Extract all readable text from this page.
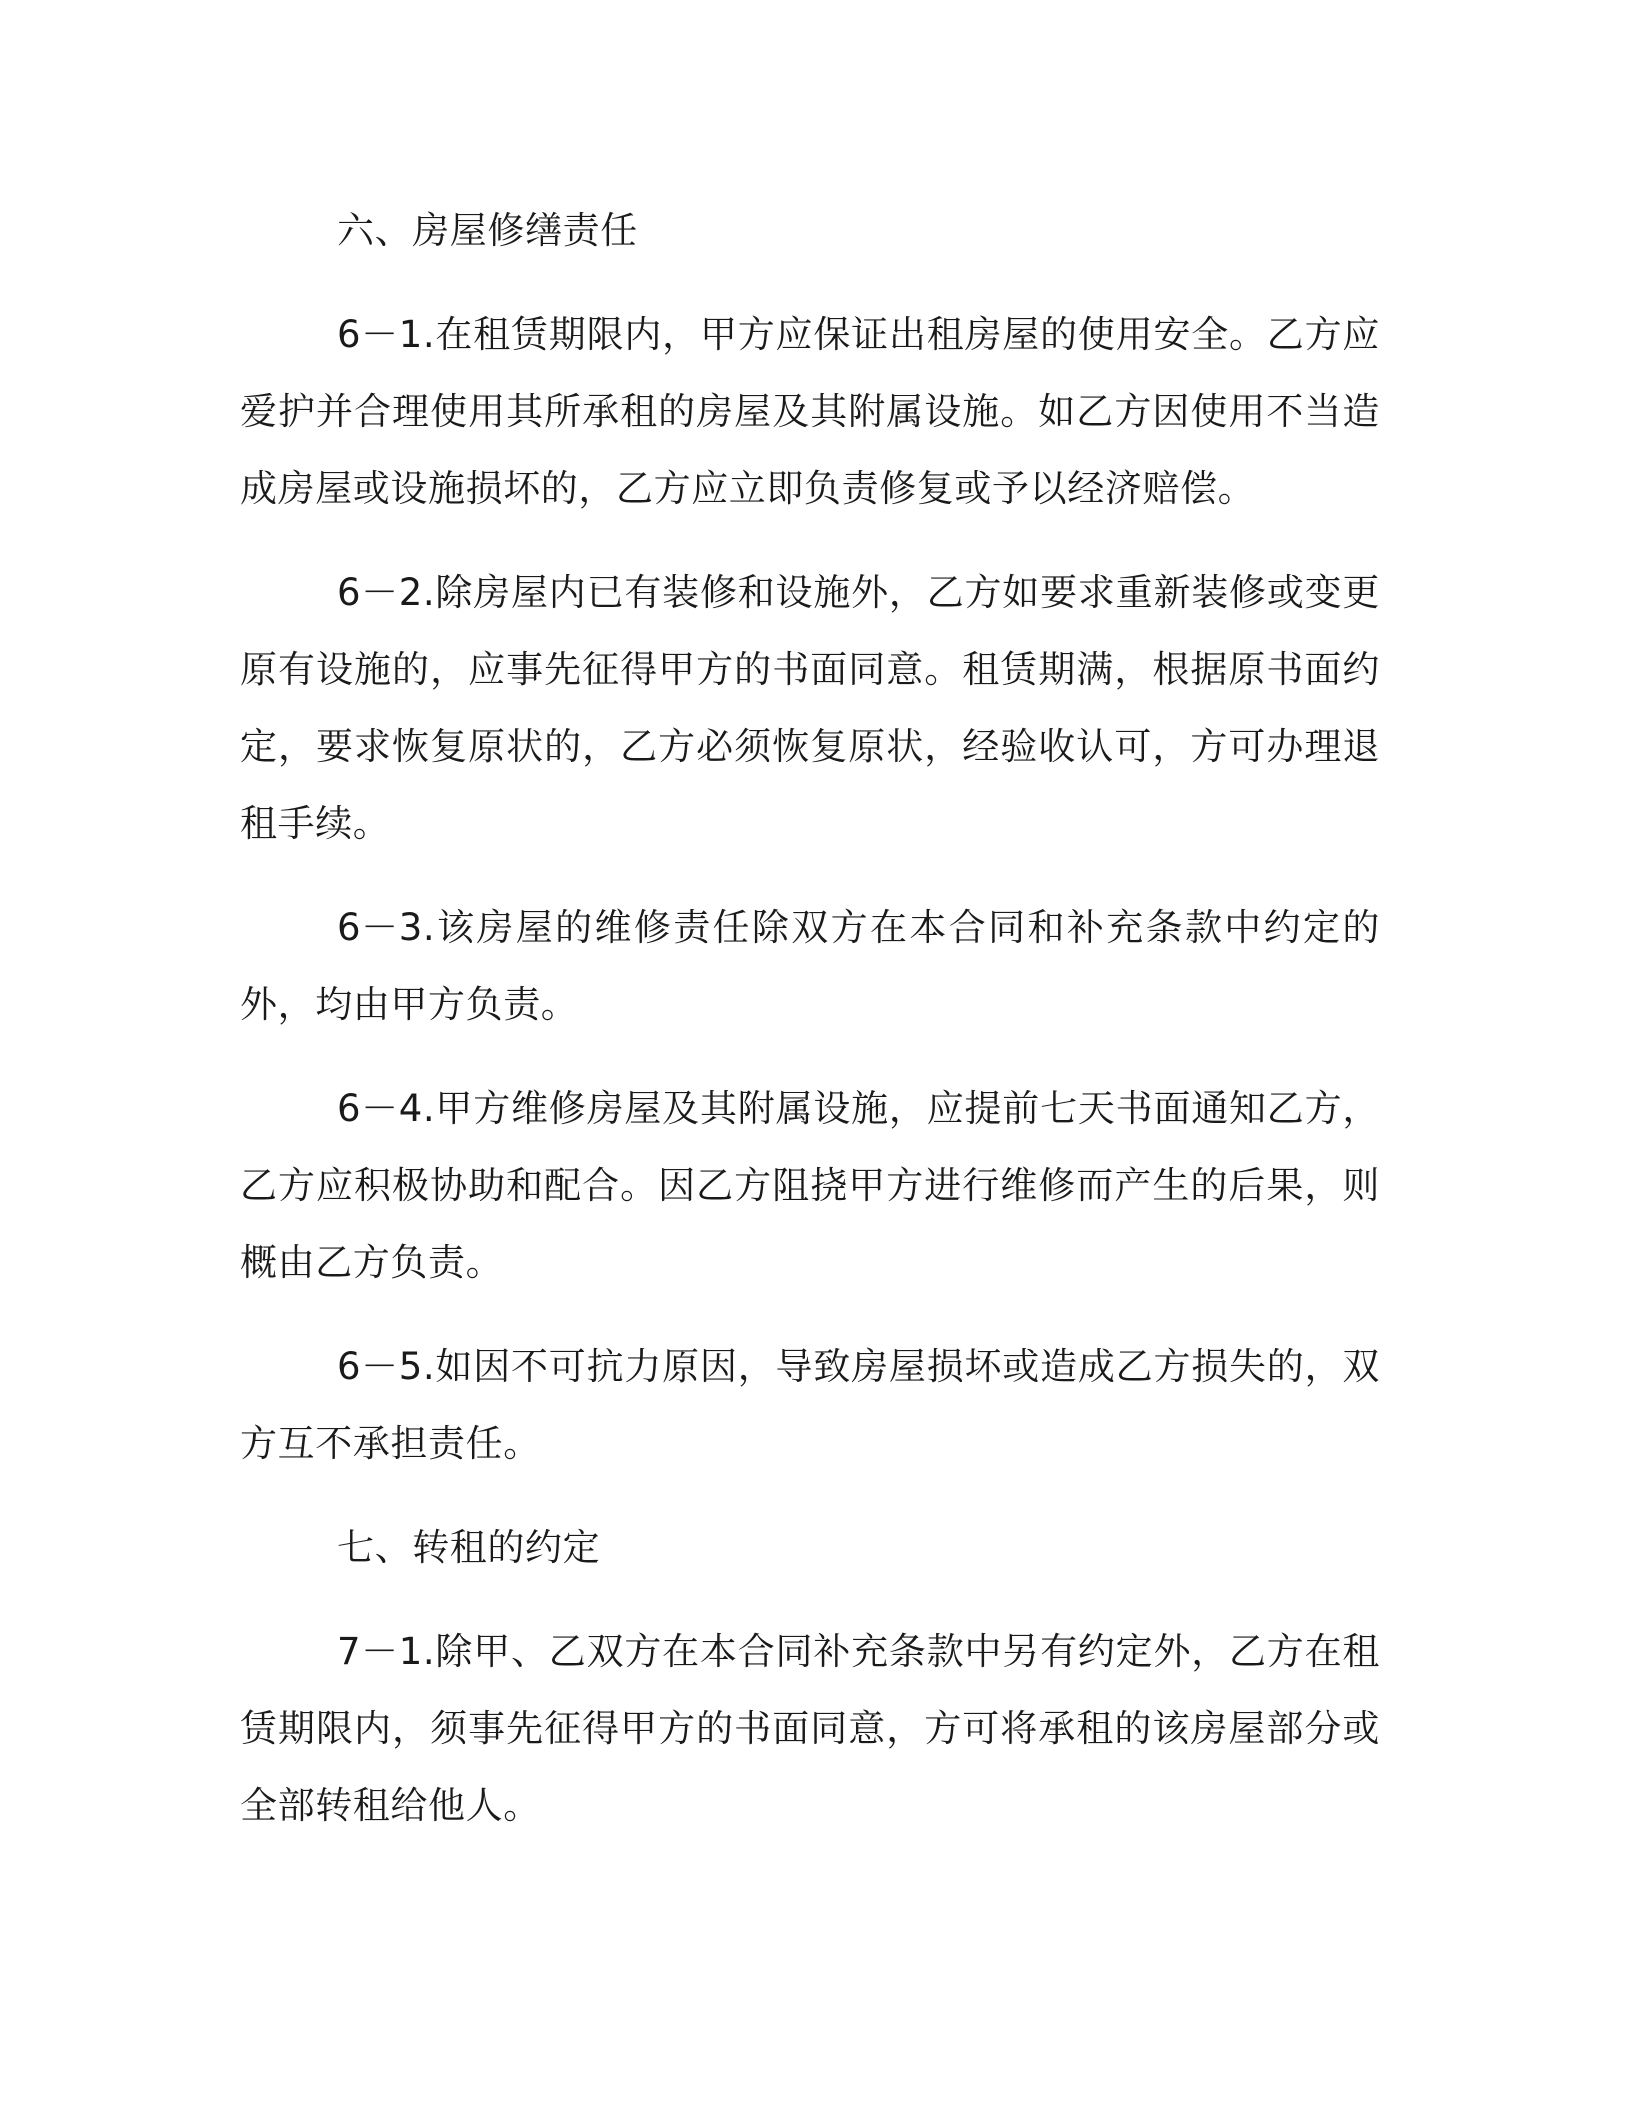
六、房屋修缮责任

6－1.在租赁期限内，甲方应保证出租房屋的使用安全。乙方应爱护并合理使用其所承租的房屋及其附属设施。如乙方因使用不当造成房屋或设施损坏的，乙方应立即负责修复或予以经济赔偿。

6－2.除房屋内已有装修和设施外，乙方如要求重新装修或变更原有设施的，应事先征得甲方的书面同意。租赁期满，根据原书面约定，要求恢复原状的，乙方必须恢复原状，经验收认可，方可办理退租手续。

6－3.该房屋的维修责任除双方在本合同和补充条款中约定的外，均由甲方负责。

6－4.甲方维修房屋及其附属设施，应提前七天书面通知乙方，乙方应积极协助和配合。因乙方阻挠甲方进行维修而产生的后果，则概由乙方负责。

6－5.如因不可抗力原因，导致房屋损坏或造成乙方损失的，双方互不承担责任。

七、转租的约定

7－1.除甲、乙双方在本合同补充条款中另有约定外，乙方在租赁期限内，须事先征得甲方的书面同意，方可将承租的该房屋部分或全部转租给他人。
